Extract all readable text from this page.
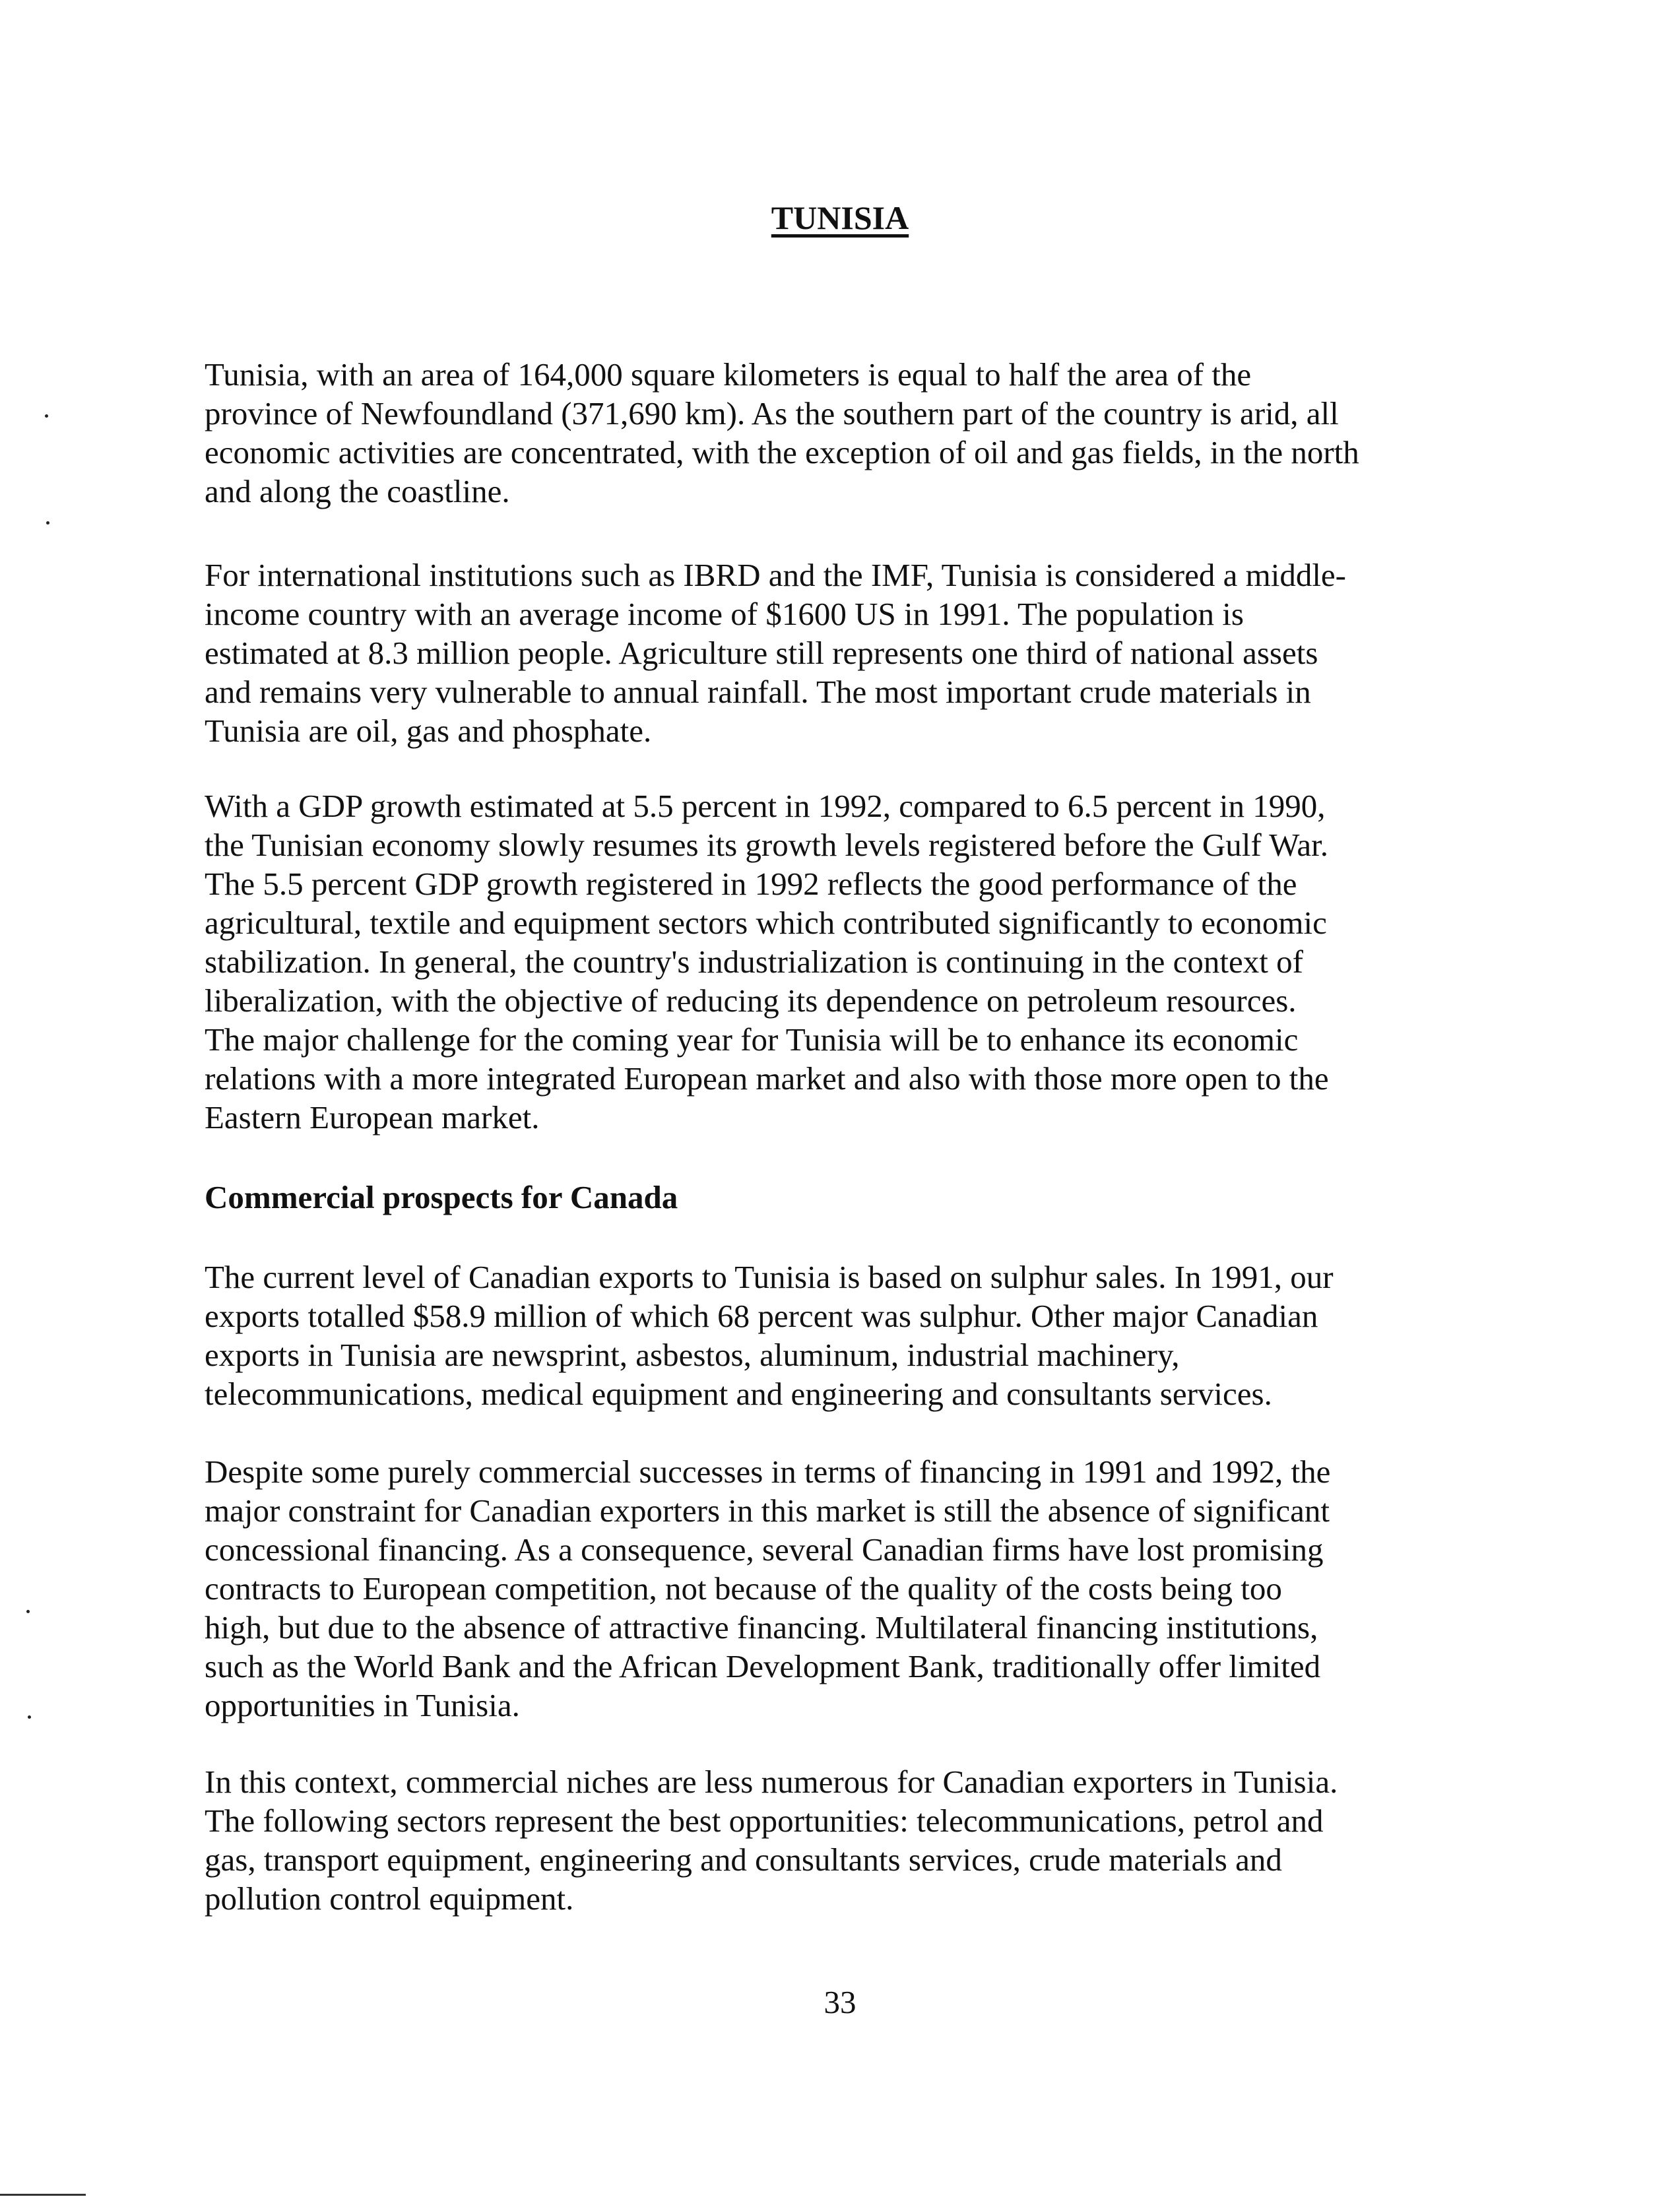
TUNISIA

Tunisia, with an area of 164,000 square kilometers is equal to half the area of the
province of Newfoundland (371,690 km). As the southern part of the country is arid, all
economic activities are concentrated, with the exception of oil and gas fields, in the north
and along the coastline.

For international institutions such as IBRD and the IMF, Tunisia is considered a middle-
income country with an average income of $1600 US in 1991. The population is
estimated at 8.3 million people. Agriculture still represents one third of national assets
and remains very vulnerable to annual rainfall. The most important crude materials in
Tunisia are oil, gas and phosphate.

With a GDP growth estimated at 5.5 percent in 1992, compared to 6.5 percent in 1990,
the Tunisian economy slowly resumes its growth levels registered before the Gulf War.
The 5.5 percent GDP growth registered in 1992 reflects the good performance of the
agricultural, textile and equipment sectors which contributed significantly to economic
stabilization. In general, the country's industrialization is continuing in the context of
liberalization, with the objective of reducing its dependence on petroleum resources.
The major challenge for the coming year for Tunisia will be to enhance its economic
relations with a more integrated European market and also with those more open to the
Eastern European market.

Commercial prospects for Canada

The current level of Canadian exports to Tunisia is based on sulphur sales. In 1991, our
exports totalled $58.9 million of which 68 percent was sulphur. Other major Canadian
exports in Tunisia are newsprint, asbestos, aluminum, industrial machinery,
telecommunications, medical equipment and engineering and consultants services.

Despite some purely commercial successes in terms of financing in 1991 and 1992, the
major constraint for Canadian exporters in this market is still the absence of significant
concessional financing. As a consequence, several Canadian firms have lost promising
contracts to European competition, not because of the quality of the costs being too
high, but due to the absence of attractive financing. Multilateral financing institutions,
such as the World Bank and the African Development Bank, traditionally offer limited
opportunities in Tunisia.

In this context, commercial niches are less numerous for Canadian exporters in Tunisia.
The following sectors represent the best opportunities: telecommunications, petrol and
gas, transport equipment, engineering and consultants services, crude materials and
pollution control equipment.

33
